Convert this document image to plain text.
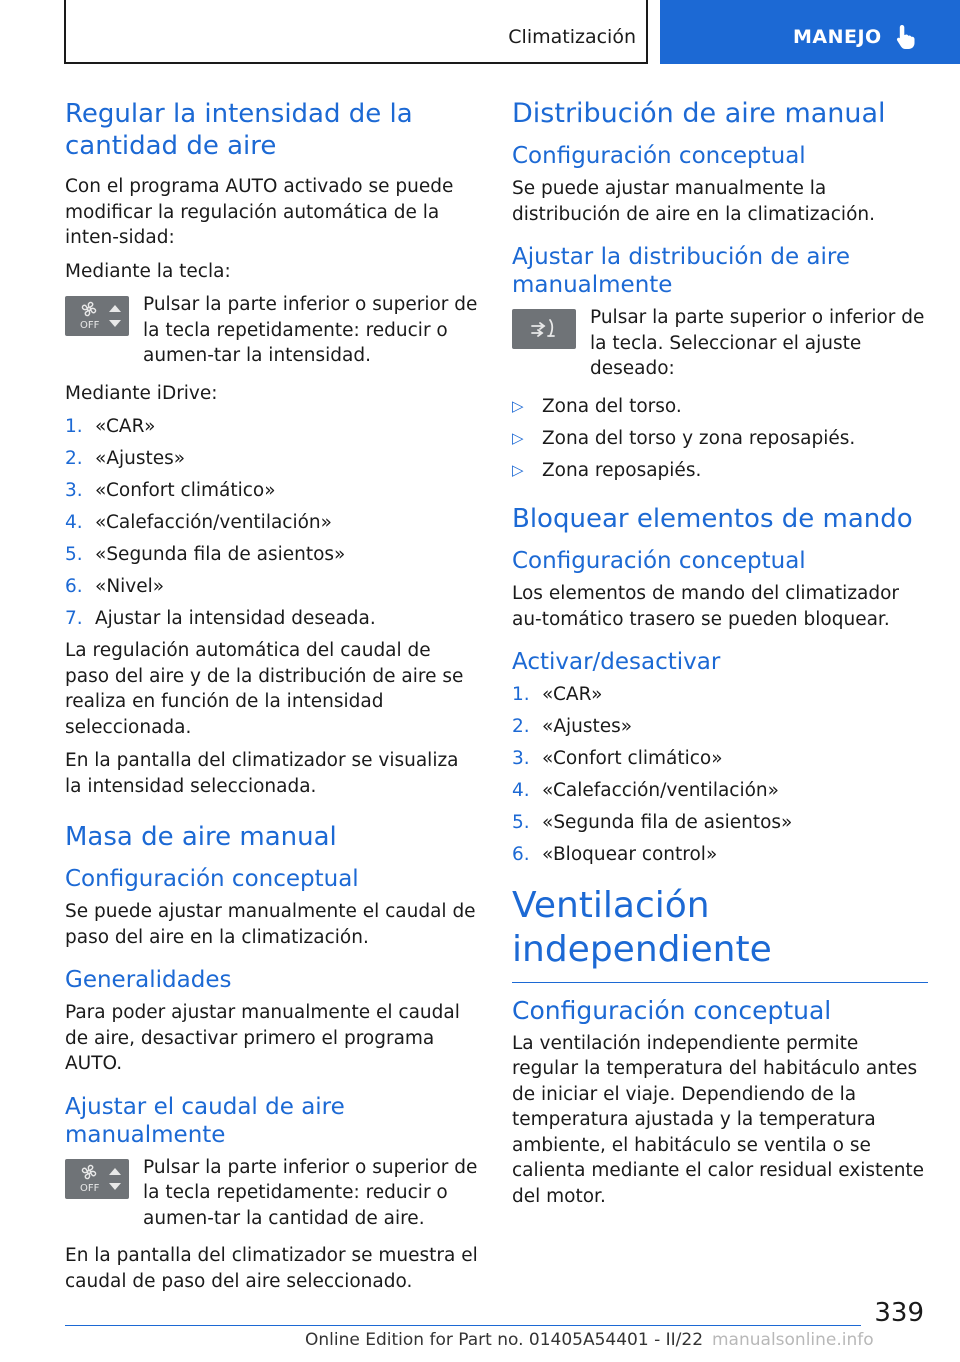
Climatización	MANEJO
Regular la intensidad de la cantidad de aire

Con el programa AUTO activado se puede modificar la regulación automática de la inten‐sidad:

Mediante la tecla:

OFF
Pulsar la parte inferior o superior de la tecla repetidamente: reducir o aumen‐tar la intensidad.

Mediante iDrive:

1. «CAR»
2. «Ajustes»
3. «Confort climático»
4. «Calefacción/ventilación»
5. «Segunda fila de asientos»
6. «Nivel»
7. Ajustar la intensidad deseada.

La regulación automática del caudal de paso del aire y de la distribución de aire se realiza en función de la intensidad seleccionada.

En la pantalla del climatizador se visualiza la intensidad seleccionada.

Masa de aire manual
Configuración conceptual

Se puede ajustar manualmente el caudal de paso del aire en la climatización.

Generalidades

Para poder ajustar manualmente el caudal de aire, desactivar primero el programa AUTO.

Ajustar el caudal de aire manualmente
OFF
Pulsar la parte inferior o superior de la tecla repetidamente: reducir o aumen‐tar la cantidad de aire.

En la pantalla del climatizador se muestra el caudal de paso del aire seleccionado.

Distribución de aire manual
Configuración conceptual

Se puede ajustar manualmente la distribución de aire en la climatización.

Ajustar la distribución de aire manualmente
Pulsar la parte superior o inferior de la tecla. Seleccionar el ajuste deseado:
▷ Zona del torso.
▷ Zona del torso y zona reposapiés.
▷ Zona reposapiés.
Bloquear elementos de mando
Configuración conceptual

Los elementos de mando del climatizador au‐tomático trasero se pueden bloquear.

Activar/desactivar
1. «CAR»
2. «Ajustes»
3. «Confort climático»
4. «Calefacción/ventilación»
5. «Segunda fila de asientos»
6. «Bloquear control»
Ventilación independiente
Configuración conceptual

La ventilación independiente permite regular la temperatura del habitáculo antes de iniciar el viaje. Dependiendo de la temperatura ajustada y la temperatura ambiente, el habitáculo se ventila o se calienta mediante el calor residual existente del motor.

339
Online Edition for Part no. 01405A54401 - II/22 manualsonline.info
